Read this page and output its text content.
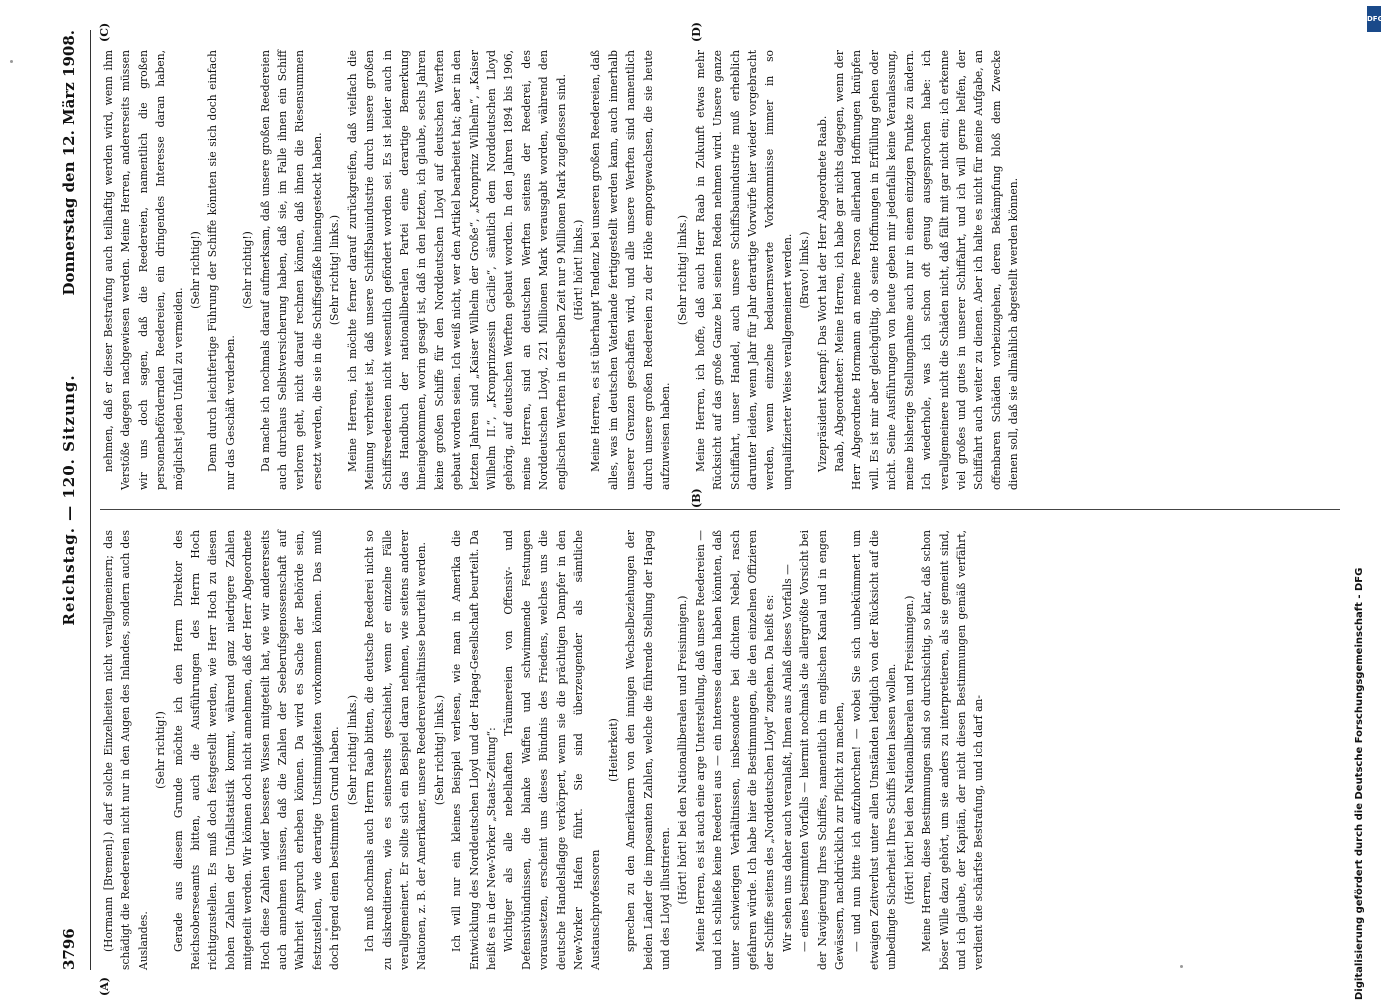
3796
Reichstag. — 120. Sitzung.
Donnerstag den 12. März 1908.
(A)
(B)
(C)	(D)

(Hormann [Bremen].) darf solche Einzelheiten nicht verallgemeinern; das schädigt die Reedereien nicht nur in den Augen des Inlandes, sondern auch des Auslandes.

(Sehr richtig!) Gerade aus diesem Grunde möchte ich den Herrn Direktor des Reichsoberseeamts bitten, auch die Ausführungen des Herrn Hoch richtigzustellen. Es muß doch festgestellt werden, wie Herr Hoch zu diesen hohen Zahlen der Unfallstatistik kommt, während ganz niedrigere Zahlen mitgeteilt werden. Wir können doch nicht annehmen, daß der Herr Abgeordnete Hoch diese Zahlen wider besseres Wissen mitgeteilt hat, wie wir andererseits auch annehmen müssen, daß die Zahlen der Seeberufsgenossenschaft auf Wahrheit Anspruch erheben können. Da wird es Sache der Behörde sein, festzustellen, wie derartige Unstimmigkeiten vorkommen können. Das muß doch irgend einen bestimmten Grund haben. (Sehr richtig! links.) Ich muß nochmals auch Herrn Raab bitten, die deutsche Reederei nicht so zu diskreditieren, wie es seinerseits geschieht, wenn er einzelne Fälle verallgemeinert. Er sollte sich ein Beispiel daran nehmen, wie seitens anderer Nationen, z. B. der Amerikaner, unsere Reedereiverhältnisse beurteilt werden. (Sehr richtig! links.) Ich will nur ein kleines Beispiel verlesen, wie man in Amerika die Entwicklung des Norddeutschen Lloyd und der Hapag-Gesellschaft beurteilt. Da heißt es in der New-Yorker „Staats-Zeitung“: Wichtiger als alle nebelhaften Träumereien von Offensiv- und Defensivbündnissen, die blanke Waffen und schwimmende Festungen voraussetzen, erscheint uns dieses Bündnis des Friedens, welches uns die deutsche Handelsflagge verkörpert, wenn sie die prächtigen Dampfer in den New-Yorker Hafen führt. Sie sind überzeugender als sämtliche Austauschprofessoren

(Heiterkeit) sprechen zu den Amerikanern von den innigen Wechselbeziehungen der beiden Länder die imposanten Zahlen, welche die führende Stellung der Hapag und des Lloyd illustrieren. (Hört! hört! bei den Nationalliberalen und Freisinnigen.) Meine Herren, es ist auch eine arge Unterstellung, daß unsere Reedereien — und ich schließe keine Reederei aus — ein Interesse daran haben könnten, daß unter schwierigen Verhältnissen, insbesondere bei dichtem Nebel, rasch gefahren würde. Ich habe hier die Bestimmungen, die den einzelnen Offizieren der Schiffe seitens des „Norddeutschen Lloyd“ zugehen. Da heißt es: Wir sehen uns daher auch veranlaßt, Ihnen aus Anlaß dieses Vorfalls — — eines bestimmten Vorfalls — hiermit nochmals die allergrößte Vorsicht bei der Navigierung Ihres Schiffes, namentlich im englischen Kanal und in engen Gewässern, nachdrücklich zur Pflicht zu machen, — und nun bitte ich aufzuhorchen! — wobei Sie sich unbekümmert um etwaigen Zeitverlust unter allen Umständen lediglich von der Rücksicht auf die unbedingte Sicherheit Ihres Schiffs leiten lassen wollen. (Hört! hört! bei den Nationalliberalen und Freisinnigen.) Meine Herren, diese Bestimmungen sind so durchsichtig, so klar, daß schon böser Wille dazu gehört, um sie anders zu interpretieren, als sie gemeint sind, und ich glaube, der Kapitän, der nicht diesen Bestimmungen gemäß verfährt, verdient die schärfste Bestrafung, und ich darf an-

nehmen, daß er dieser Bestrafung auch teilhaftig werden wird, wenn ihm Verstöße dagegen nachgewiesen werden. Meine Herren, andererseits müssen wir uns doch sagen, daß die Reedereien, namentlich die großen personenbefördernden Reedereien, ein dringendes Interesse daran haben, möglichst jeden Unfall zu vermeiden.

(Sehr richtig!) Denn durch leichtfertige Führung der Schiffe könnten sie sich doch einfach nur das Geschäft verderben.

(Sehr richtig!) Da mache ich nochmals darauf aufmerksam, daß unsere großen Reedereien auch durchaus Selbstversicherung haben, daß sie, im Falle ihnen ein Schiff verloren geht, nicht darauf rechnen können, daß ihnen die Riesensummen ersetzt werden, die sie in die Schiffsgefäße hineingesteckt haben. (Sehr richtig! links.) Meine Herren, ich möchte ferner darauf zurückgreifen, daß vielfach die Meinung verbreitet ist, daß unsere Schiffsbauindustrie durch unsere großen Schiffsreedereien nicht wesentlich gefördert worden sei. Es ist leider auch in das Handbuch der nationalliberalen Partei eine derartige Bemerkung hineingekommen, worin gesagt ist, daß in den letzten, ich glaube, sechs Jahren keine großen Schiffe für den Norddeutschen Lloyd auf deutschen Werften gebaut worden seien. Ich weiß nicht, wer den Artikel bearbeitet hat; aber in den letzten Jahren sind „Kaiser Wilhelm der Große“, „Kronprinz Wilhelm“, „Kaiser Wilhelm II.“, „Kronprinzessin Cäcilie“, sämtlich dem Norddeutschen Lloyd gehörig, auf deutschen Werften gebaut worden. In den Jahren 1894 bis 1906, meine Herren, sind an deutschen Werften seitens der Reederei, des Norddeutschen Lloyd, 221 Millionen Mark verausgabt worden, während den englischen Werften in derselben Zeit nur 9 Millionen Mark zugeflossen sind. (Hört! hört! links.) Meine Herren, es ist überhaupt Tendenz bei unseren großen Reedereien, daß alles, was im deutschen Vaterlande fertiggestellt werden kann, auch innerhalb unserer Grenzen geschaffen wird, und alle unsere Werften sind namentlich durch unsere großen Reedereien zu der Höhe emporgewachsen, die sie heute aufzuweisen haben.

(Sehr richtig! links.) Meine Herren, ich hoffe, daß auch Herr Raab in Zukunft etwas mehr Rücksicht auf das große Ganze bei seinen Reden nehmen wird. Unsere ganze Schiffahrt, unser Handel, auch unsere Schiffsbauindustrie muß erheblich darunter leiden, wenn Jahr für Jahr derartige Vorwürfe hier wieder vorgebracht werden, wenn einzelne bedauernswerte Vorkommnisse immer in so unqualifizierter Weise verallgemeinert werden. (Bravo! links.) Vizepräsident Kaempf: Das Wort hat der Herr Abgeordnete Raab. Raab, Abgeordneter: Meine Herren, ich habe gar nichts dagegen, wenn der Herr Abgeordnete Hormann an meine Person allerhand Hoffnungen knüpfen will. Es ist mir aber gleichgültig, ob seine Hoffnungen in Erfüllung gehen oder nicht. Seine Ausführungen von heute geben mir jedenfalls keine Veranlassung, meine bisherige Stellungnahme auch nur in einem einzigen Punkte zu ändern. Ich wiederhole, was ich schon oft genug ausgesprochen habe: ich verallgemeinere nicht die Schäden nicht, daß fällt mit gar nicht ein; ich erkenne viel großes und gutes in unserer Schiffahrt, und ich will gerne helfen, der Schiffahrt auch weiter zu dienen. Aber ich halte es nicht für meine Aufgabe, an offenbaren Schäden vorbeizugehen, deren Bekämpfung bloß dem Zwecke dienen soll, daß sie allmählich abgestellt werden können.

Digitalisierung gefördert durch die Deutsche Forschungsgemeinschaft - DFG
DFG
